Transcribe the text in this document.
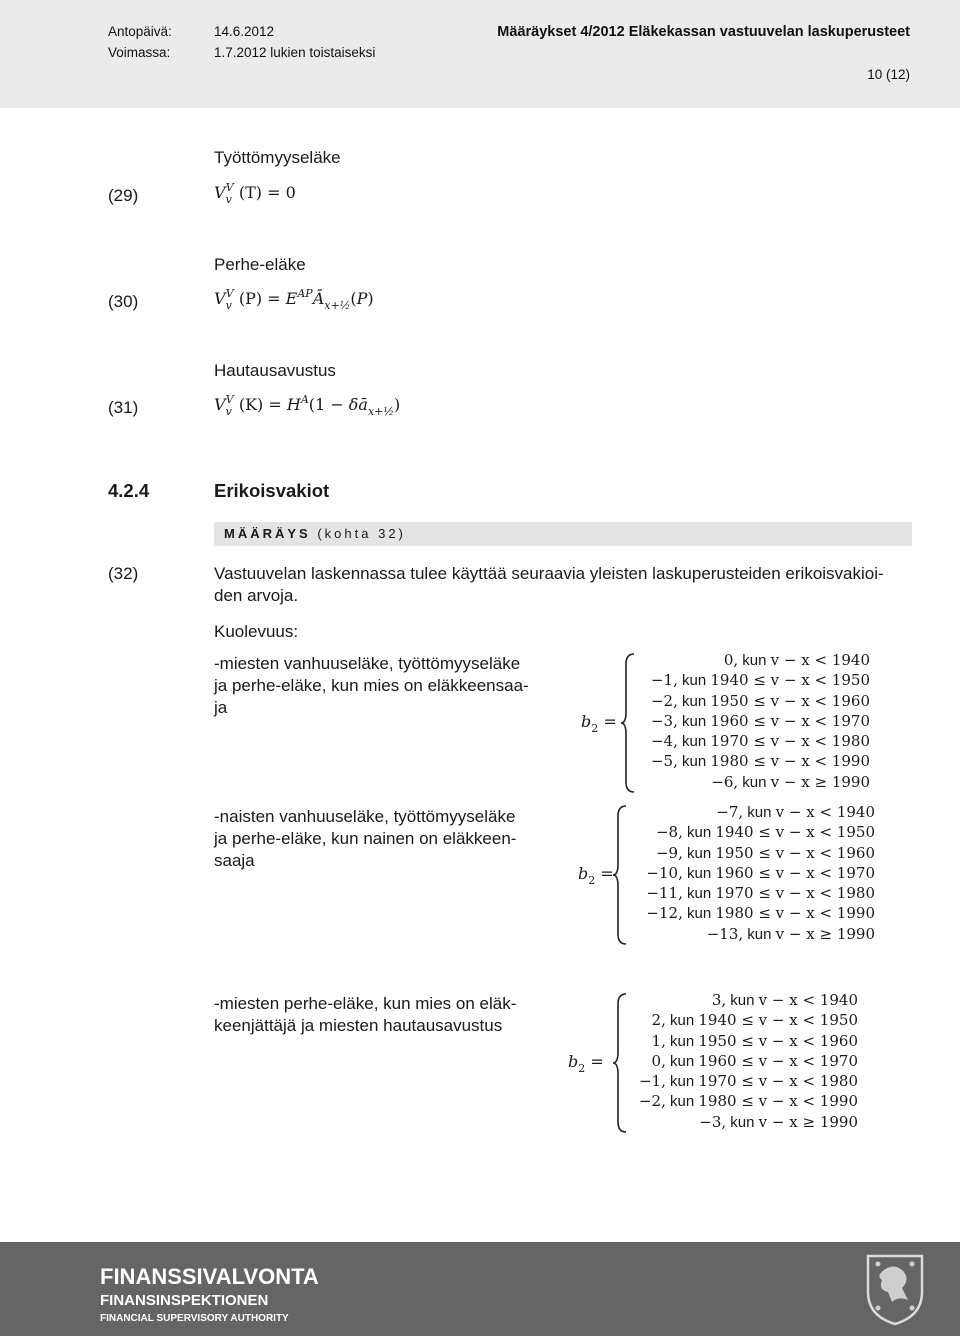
Antopäivä:	14.6.2012
Voimassa:	1.7.2012 lukien toistaiseksi
Määräykset 4/2012 Eläkekassan vastuuvelan laskuperusteet
10 (12)
Työttömyyseläke
(29)	$V_v^V$ (T) = 0
Perhe-eläke
(30)	$V_v^V$ $(P) = E^{AP}Ā_{x+\frac{1}{2}}(P)$
Hautausavustus
(31)	$V_v^V$ $(K) = H^A(1$ − $\delta ā_{x+\frac{1}{2}}$)
4.2.4	Erikoisvakiot
MÄÄRÄYS (kohta 32)
(32)	Vastuuvelan laskennassa tulee käyttää seuraavia yleisten laskuperusteiden erikoisvakioi-
den arvoja.
Kuolevuus:
-miesten vanhuuseläke, työttömyyseläke
ja perhe-eläke, kun mies on eläkkeensaa-
ja
-naisten vanhuuseläke, työttömyyseläke
ja perhe-eläke, kun nainen on eläkkeen-
saaja
-miesten perhe-eläke, kun mies on eläk-
keenjättäjä ja miesten hautausavustus
$b_2$ =
0, kun v − x < 1940
−1, kun 1940 ≤ v − x < 1950
−2, kun 1950 ≤ v − x < 1960
−3, kun 1960 ≤ v − x < 1970
−4, kun 1970 ≤ v − x < 1980
−5, kun 1980 ≤ v − x < 1990
−6, kun v − x ≥ 1990
$b_2$ =
−7, kun v − x < 1940
−8, kun 1940 ≤ v − x < 1950
−9, kun 1950 ≤ v − x < 1960
−10, kun 1960 ≤ v − x < 1970
−11, kun 1970 ≤ v − x < 1980
−12, kun 1980 ≤ v − x < 1990
−13, kun v − x ≥ 1990
$b_2$ =
3, kun v − x < 1940
2, kun 1940 ≤ v − x < 1950
1, kun 1950 ≤ v − x < 1960
0, kun 1960 ≤ v − x < 1970
−1, kun 1970 ≤ v − x < 1980
−2, kun 1980 ≤ v − x < 1990
−3, kun v − x ≥ 1990
FINANSSIVALVONTA
FINANSINSPEKTIONEN
FINANCIAL SUPERVISORY AUTHORITY
